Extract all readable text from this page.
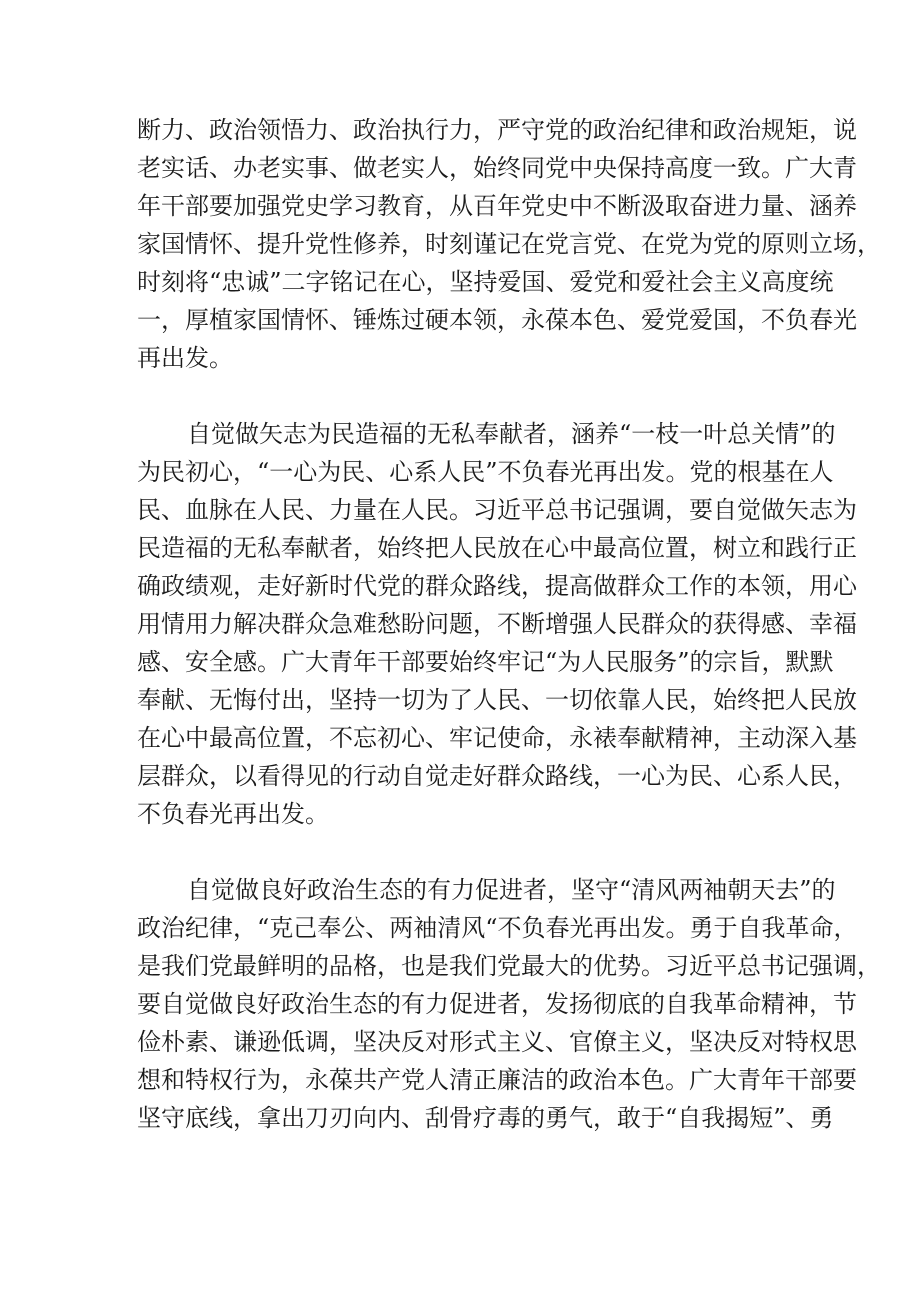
断力、政治领悟力、政治执行力，严守党的政治纪律和政治规矩，说

老实话、办老实事、做老实人，始终同党中央保持高度一致。广大青

年干部要加强党史学习教育，从百年党史中不断汲取奋进力量、涵养

家国情怀、提升党性修养，时刻谨记在党言党、在党为党的原则立场，

时刻将“忠诚”二字铭记在心，坚持爱国、爱党和爱社会主义高度统

一，厚植家国情怀、锤炼过硬本领，永葆本色、爱党爱国，不负春光

再出发。

自觉做矢志为民造福的无私奉献者，涵养“一枝一叶总关情”的

为民初心，“一心为民、心系人民”不负春光再出发。党的根基在人

民、血脉在人民、力量在人民。习近平总书记强调，要自觉做矢志为

民造福的无私奉献者，始终把人民放在心中最高位置，树立和践行正

确政绩观，走好新时代党的群众路线，提高做群众工作的本领，用心

用情用力解决群众急难愁盼问题，不断增强人民群众的获得感、幸福

感、安全感。广大青年干部要始终牢记“为人民服务”的宗旨，默默

奉献、无悔付出，坚持一切为了人民、一切依靠人民，始终把人民放

在心中最高位置，不忘初心、牢记使命，永裱奉献精神，主动深入基

层群众，以看得见的行动自觉走好群众路线，一心为民、心系人民，

不负春光再出发。

自觉做良好政治生态的有力促进者，坚守“清风两袖朝天去”的

政治纪律，“克己奉公、两袖清风“不负春光再出发。勇于自我革命，

是我们党最鲜明的品格，也是我们党最大的优势。习近平总书记强调，

要自觉做良好政治生态的有力促进者，发扬彻底的自我革命精神，节

俭朴素、谦逊低调，坚决反对形式主义、官僚主义，坚决反对特权思

想和特权行为，永葆共产党人清正廉洁的政治本色。广大青年干部要

坚守底线，拿出刀刃向内、刮骨疗毒的勇气，敢于“自我揭短”、勇
